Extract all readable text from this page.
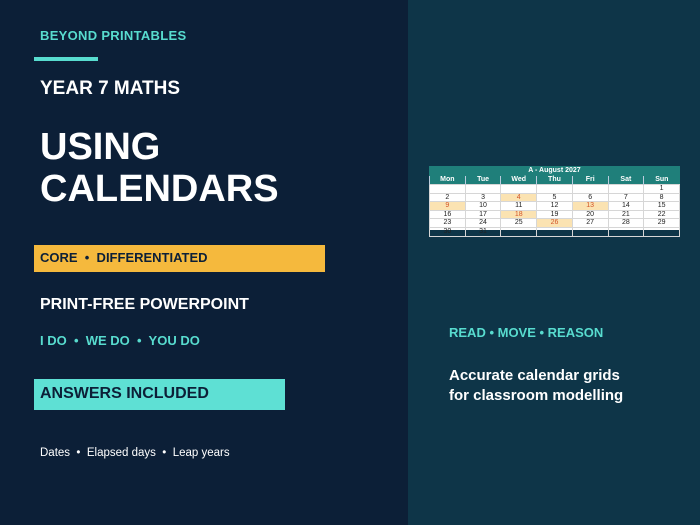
BEYOND PRINTABLES
YEAR 7 MATHS
USING
CALENDARS
CORE  •  DIFFERENTIATED
PRINT-FREE POWERPOINT
I DO  •  WE DO  •  YOU DO
ANSWERS INCLUDED
Dates  •  Elapsed days  •  Leap years
A - August 2027
Mon	Tue	Wed	Thu	Fri	Sat	Sun
						1
2	3	4	5	6	7	8
9	10	11	12	13	14	15
16	17	18	19	20	21	22
23	24	25	26	27	28	29
30	31					
READ • MOVE • REASON
Accurate calendar grids
for classroom modelling
